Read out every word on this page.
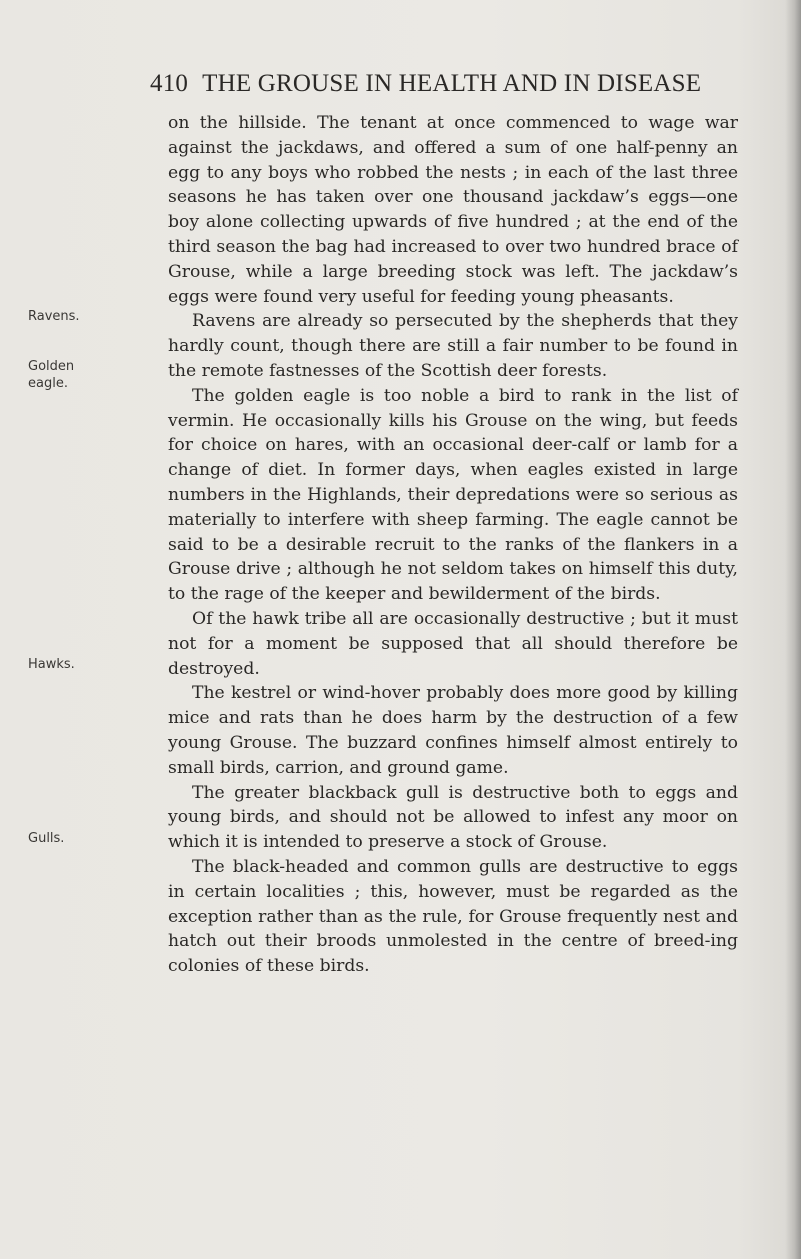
410 THE GROUSE IN HEALTH AND IN DISEASE
Ravens.
Golden
eagle.
Hawks.
Gulls.

on the hillside. The tenant at once commenced to wage war against the jackdaws, and offered a sum of one half-penny an egg to any boys who robbed the nests ; in each of the last three seasons he has taken over one thousand jackdaw’s eggs—one boy alone collecting upwards of five hundred ; at the end of the third season the bag had increased to over two hundred brace of Grouse, while a large breeding stock was left. The jackdaw’s eggs were found very useful for feeding young pheasants.

Ravens are already so persecuted by the shepherds that they hardly count, though there are still a fair number to be found in the remote fastnesses of the Scottish deer forests.

The golden eagle is too noble a bird to rank in the list of vermin. He occasionally kills his Grouse on the wing, but feeds for choice on hares, with an occasional deer-calf or lamb for a change of diet. In former days, when eagles existed in large numbers in the Highlands, their depredations were so serious as materially to interfere with sheep farming. The eagle cannot be said to be a desirable recruit to the ranks of the flankers in a Grouse drive ; although he not seldom takes on himself this duty, to the rage of the keeper and bewilderment of the birds.

Of the hawk tribe all are occasionally destructive ; but it must not for a moment be supposed that all should therefore be destroyed.

The kestrel or wind-hover probably does more good by killing mice and rats than he does harm by the destruction of a few young Grouse. The buzzard confines himself almost entirely to small birds, carrion, and ground game.

The greater blackback gull is destructive both to eggs and young birds, and should not be allowed to infest any moor on which it is intended to preserve a stock of Grouse.

The black-headed and common gulls are destructive to eggs in certain localities ; this, however, must be regarded as the exception rather than as the rule, for Grouse frequently nest and hatch out their broods unmolested in the centre of breed-ing colonies of these birds.
